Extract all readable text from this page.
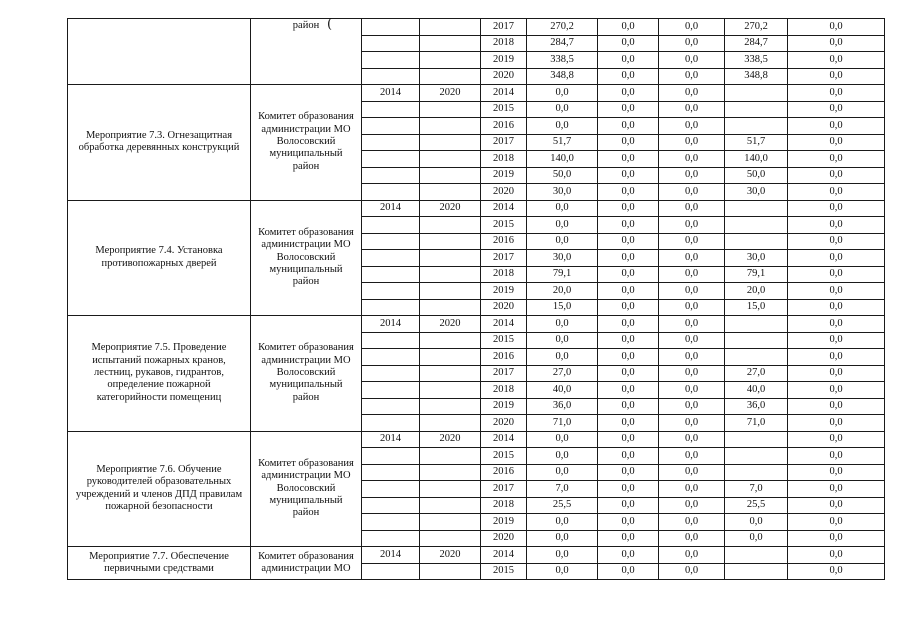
	район			2017	270,2	0,0	0,0	270,2	0,0
				2018	284,7	0,0	0,0	284,7	0,0
				2019	338,5	0,0	0,0	338,5	0,0
				2020	348,8	0,0	0,0	348,8	0,0
Мероприятие 7.3. Огнезащитная обработка деревянных конструкций	Комитет образования администрации МО Волосовский муниципальный район	2014	2020	2014	0,0	0,0	0,0		0,0
				2015	0,0	0,0	0,0		0,0
				2016	0,0	0,0	0,0		0,0
				2017	51,7	0,0	0,0	51,7	0,0
				2018	140,0	0,0	0,0	140,0	0,0
				2019	50,0	0,0	0,0	50,0	0,0
				2020	30,0	0,0	0,0	30,0	0,0
Мероприятие 7.4. Установка противопожарных дверей	Комитет образования администрации МО Волосовский муниципальный район	2014	2020	2014	0,0	0,0	0,0		0,0
				2015	0,0	0,0	0,0		0,0
				2016	0,0	0,0	0,0		0,0
				2017	30,0	0,0	0,0	30,0	0,0
				2018	79,1	0,0	0,0	79,1	0,0
				2019	20,0	0,0	0,0	20,0	0,0
				2020	15,0	0,0	0,0	15,0	0,0
Мероприятие 7.5. Проведение испытаний пожарных кранов, лестниц, рукавов, гидрантов, определение пожарной категорийности помещениц	Комитет образования администрации МО Волосовский муниципальный район	2014	2020	2014	0,0	0,0	0,0		0,0
				2015	0,0	0,0	0,0		0,0
				2016	0,0	0,0	0,0		0,0
				2017	27,0	0,0	0,0	27,0	0,0
				2018	40,0	0,0	0,0	40,0	0,0
				2019	36,0	0,0	0,0	36,0	0,0
				2020	71,0	0,0	0,0	71,0	0,0
Мероприятие 7.6. Обучение руководителей образовательных учреждений и членов ДПД правилам пожарной безопасности	Комитет образования администрации МО Волосовский муниципальный район	2014	2020	2014	0,0	0,0	0,0		0,0
				2015	0,0	0,0	0,0		0,0
				2016	0,0	0,0	0,0		0,0
				2017	7,0	0,0	0,0	7,0	0,0
				2018	25,5	0,0	0,0	25,5	0,0
				2019	0,0	0,0	0,0	0,0	0,0
				2020	0,0	0,0	0,0	0,0	0,0
Мероприятие 7.7. Обеспечение первичными средствами	Комитет образования администрации МО	2014	2020	2014	0,0	0,0	0,0		0,0
				2015	0,0	0,0	0,0		0,0
(
